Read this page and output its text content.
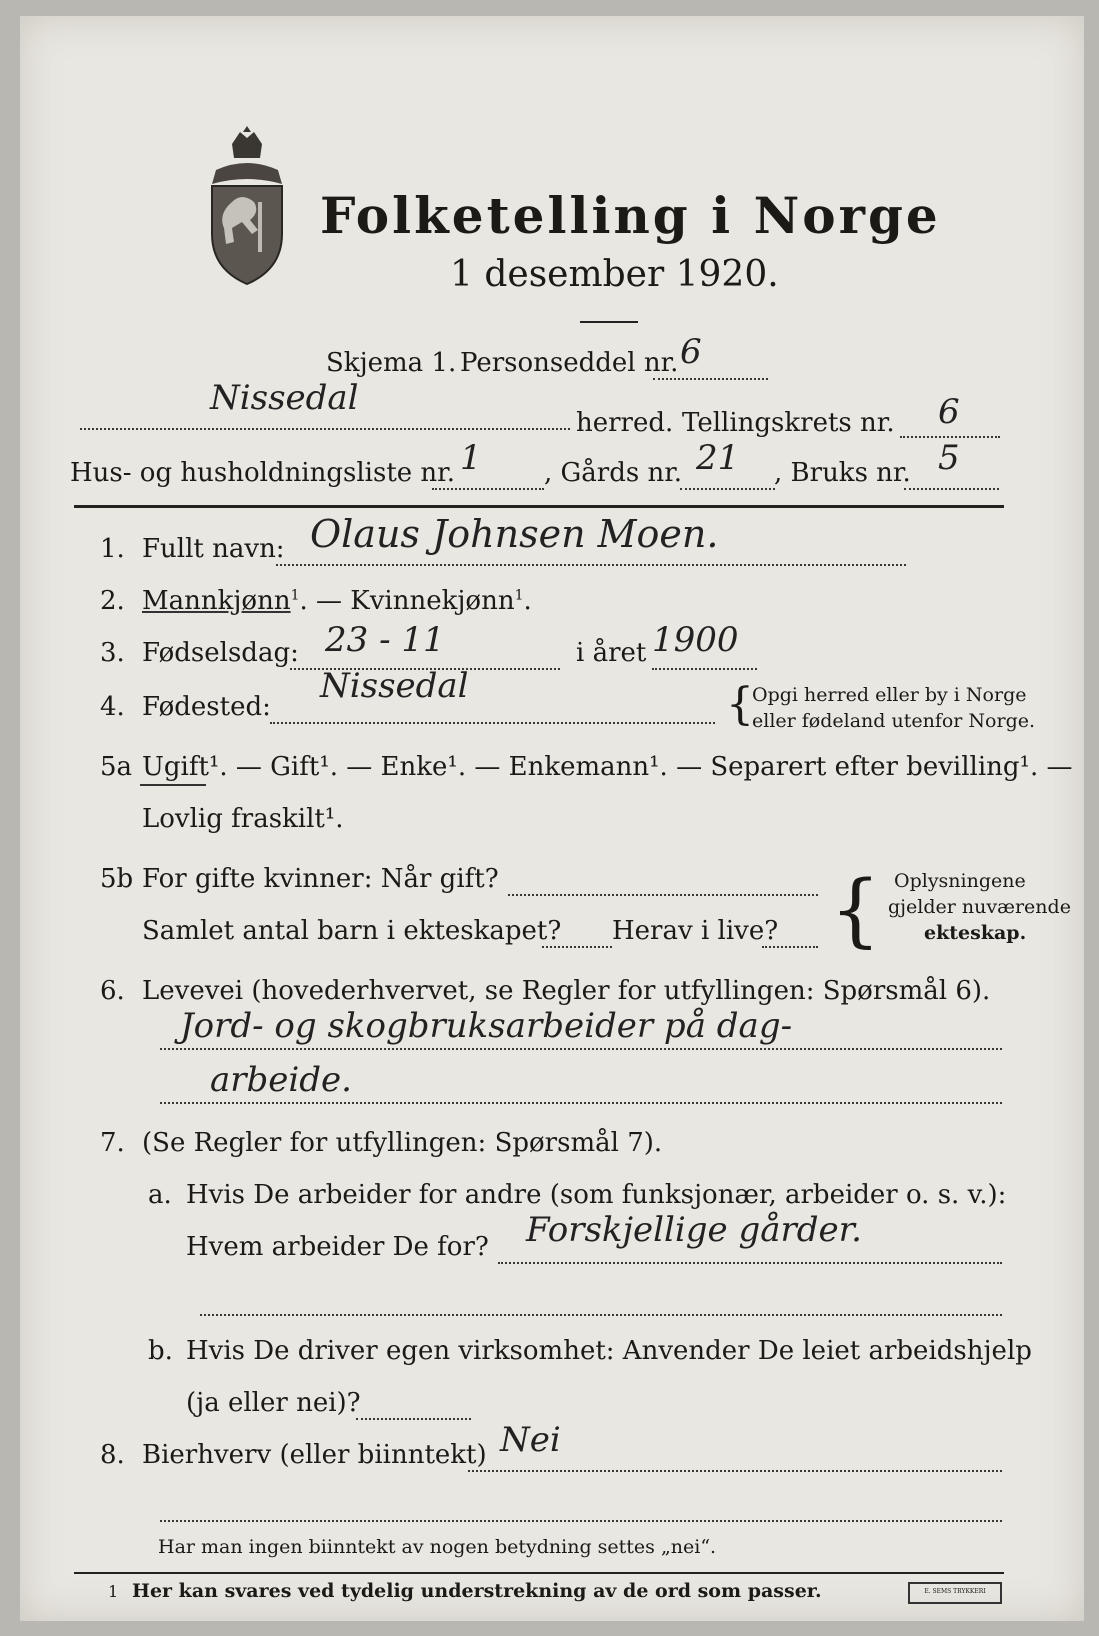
Folketelling i Norge
1 desember 1920.
Skjema 1. Personseddel nr. 6
Nissedal
herred. Tellingskrets nr. 6
Hus- og husholdningsliste nr. 1 , Gårds nr. 21 , Bruks nr. 5
1. Fullt navn: Olaus Johnsen Moen.
2. Mannkjønn$^1$. — Kvinnekjønn$^1$.
3. Fødselsdag: 23 - 11	i året 1900
4. Fødested:
Nissedal	{
Opgi herred eller by i Norge
eller fødeland utenfor Norge.
5a Ugift¹. — Gift¹. — Enke¹. — Enkemann¹. — Separert efter bevilling¹. —
Lovlig fraskilt¹.
5b For gifte kvinner: Når gift?
Samlet antal barn i ekteskapet? Herav i live? { Oplysningene
gjelder nuværende
ekteskap.
6. Levevei (hovederhvervet, se Regler for utfyllingen: Spørsmål 6).
Jord- og skogbruksarbeider på dag-
arbeide.
7. (Se Regler for utfyllingen: Spørsmål 7).
a. Hvis De arbeider for andre (som funksjonær, arbeider o. s. v.):
Hvem arbeider De for? Forskjellige gårder.
b. Hvis De driver egen virksomhet: Anvender De leiet arbeidshjelp
(ja eller nei)?
8. Bierhverv (eller biinntekt) Nei
Har man ingen biinntekt av nogen betydning settes „nei“.
1 Her kan svares ved tydelig understrekning av de ord som passer.	E. SEMS TRYKKERI
